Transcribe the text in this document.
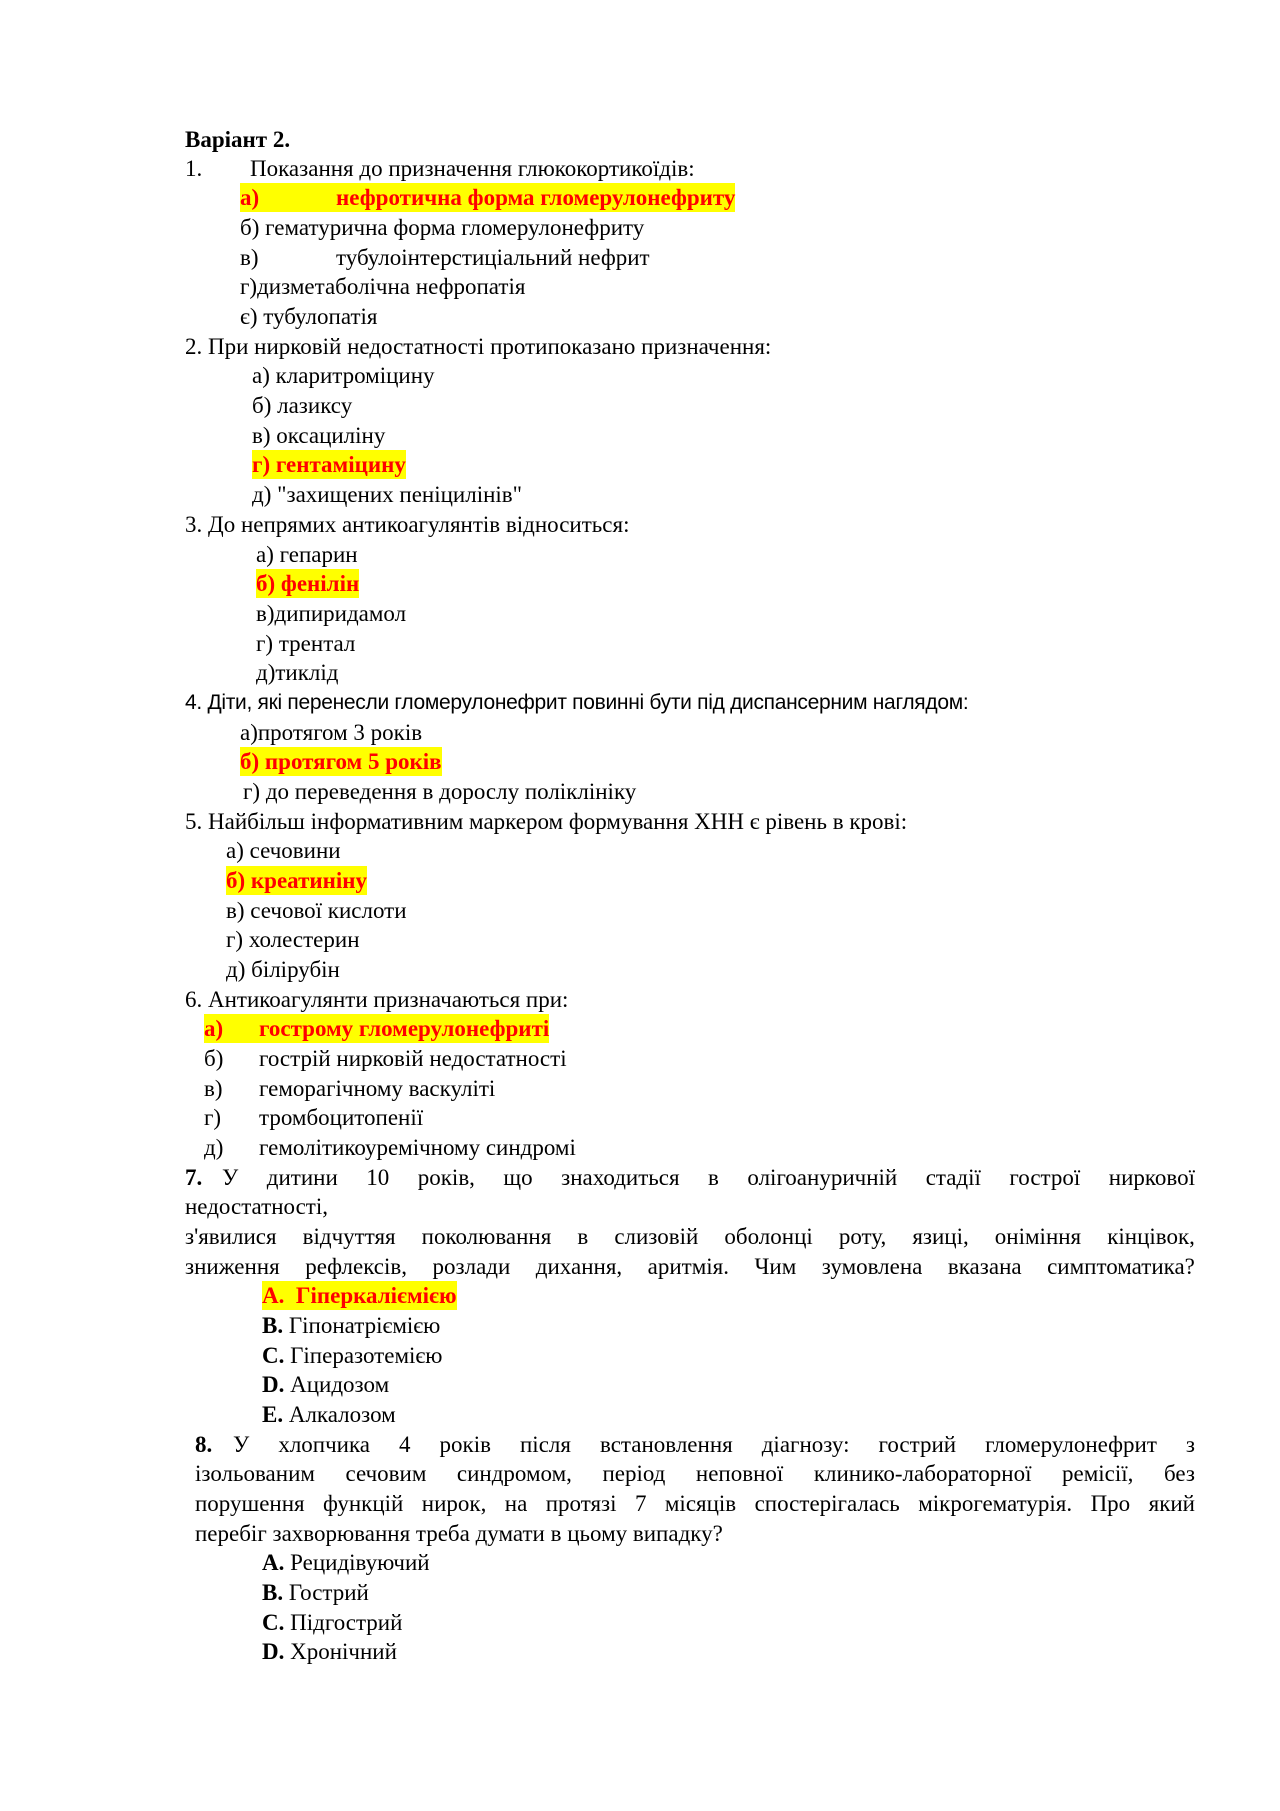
Варіант 2.
1. Показання до призначення глюкокортикоїдів:
а)	нефротична форма гломерулонефриту
б) гематурична форма гломерулонефриту
в)	тубулоінтерстиціальний нефрит
г)дизметаболічна нефропатія
є) тубулопатія
2. При нирковій недостатності протипоказано призначення:
а) кларитроміцину
б) лазиксу
в) оксациліну
г) гентаміцину
д) "захищених пеніцилінів"
3. До непрямих антикоагулянтів відноситься:
а) гепарин
б) фенілін
в)дипиридамол
г) трентал
д)тиклід
4. Діти, які перенесли гломерулонефрит повинні бути під диспансерним наглядом:
а)протягом 3 років
б) протягом 5 років
г) до переведення в дорослу поліклініку
5. Найбільш інформативним маркером формування ХНН є рівень в крові:
а) сечовини
б) креатиніну
в) сечової кислоти
г) холестерин
д) білірубін
6. Антикоагулянти призначаються при:
а) гострому гломерулонефриті
б) гострій нирковій недостатності
в) геморагічному васкуліті
г) тромбоцитопенії
д) гемолітикоуремічному синдромі
7. У дитини 10 років, що знаходиться в олігоануричній стадії гострої ниркової
недостатності,
з'явилися відчуттяя поколювання в слизовій оболонці роту, язиці, оніміння кінцівок,
зниження рефлексів, розлади дихання, аритмія. Чим зумовлена вказана симптоматика?
A. Гіперкаліємією
B. Гіпонатріємією
C. Гіперазотемією
D. Ацидозом
E. Алкалозом
8. У хлопчика 4 років після встановлення діагнозу: гострий гломерулонефрит з
ізольованим сечовим синдромом, період неповної клинико-лабораторної ремісії, без
порушення функцій нирок, на протязі 7 місяців спостерігалась мікрогематурія. Про який
перебіг захворювання треба думати в цьому випадку?
A. Рецидівуючий
B. Гострий
C. Підгострий
D. Хронічний
